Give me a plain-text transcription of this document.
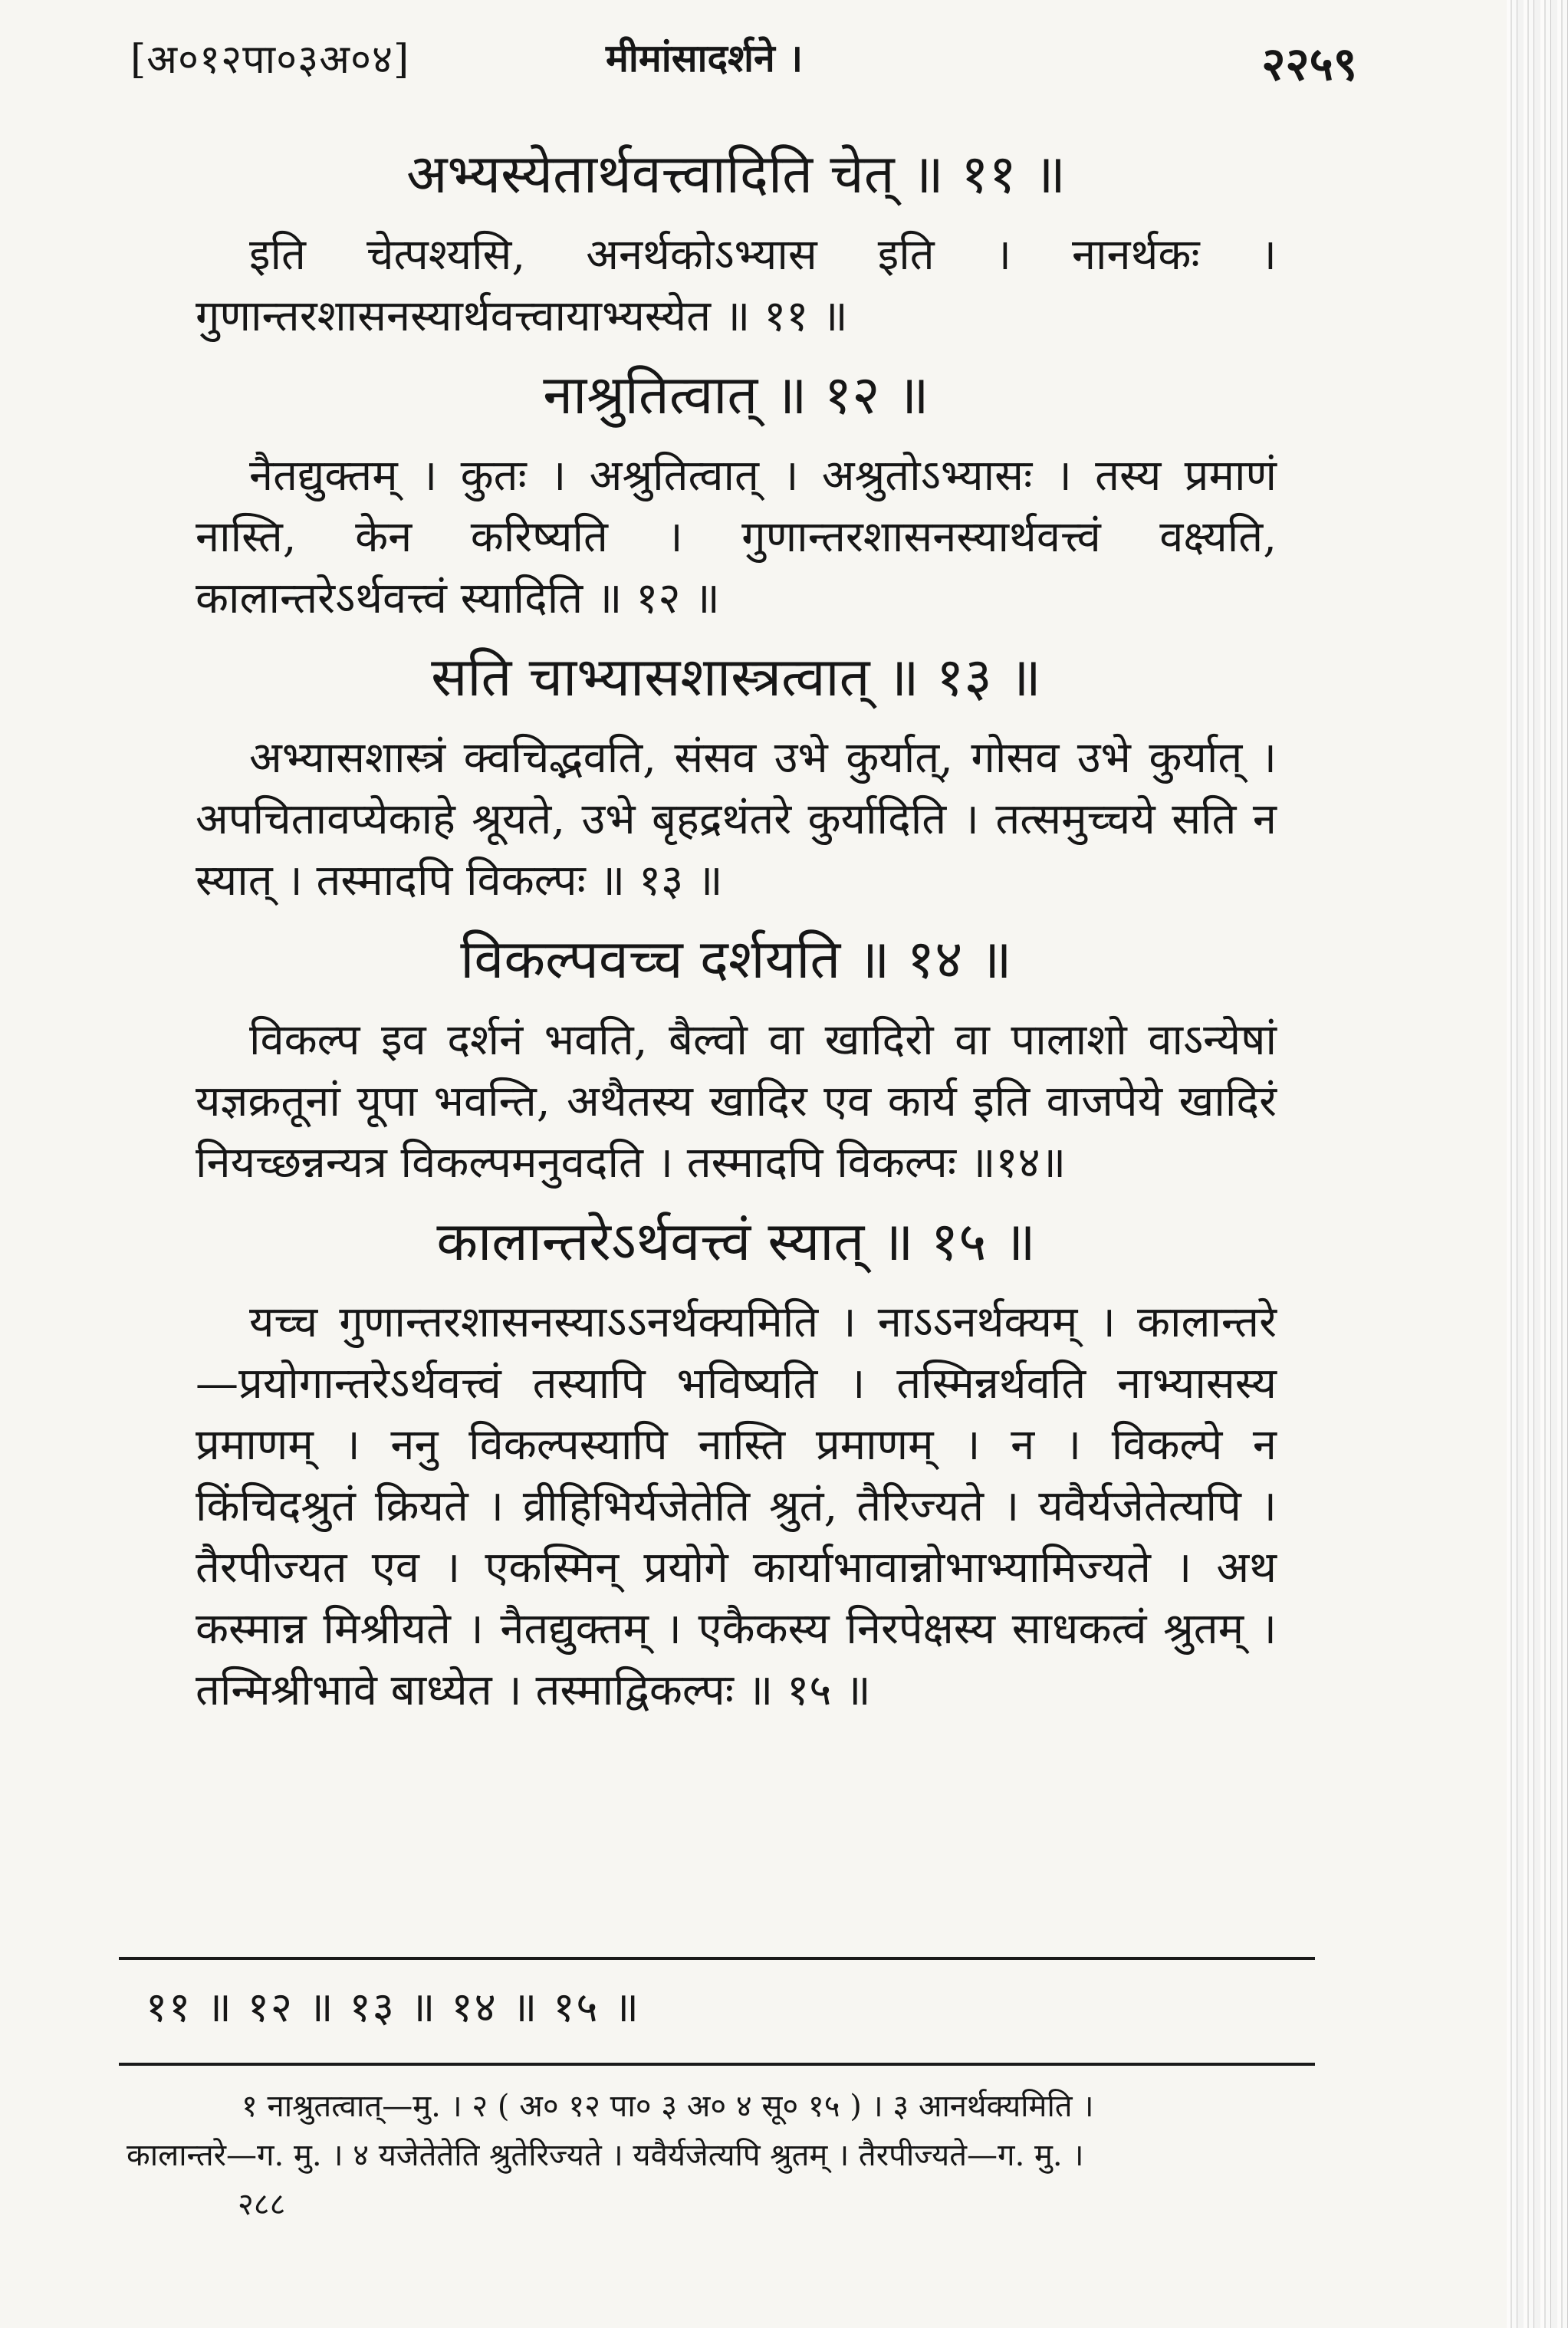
[अ०१२पा०३अ०४]	मीमांसादर्शने ।	२२५९
अभ्यस्येतार्थवत्त्वादिति चेत् ॥ ११ ॥

इति चेत्पश्यसि, अनर्थकोऽभ्यास इति । नानर्थकः । गुणान्तरशासनस्यार्थवत्त्वायाभ्यस्येत ॥ ११ ॥

नाश्रुतित्वात् ॥ १२ ॥

नैतद्युक्तम् । कुतः । अश्रुतित्वात् । अश्रुतोऽभ्यासः । तस्य प्रमाणं नास्ति, केन करिष्यति । गुणान्तरशासनस्यार्थवत्त्वं वक्ष्यति, कालान्तरेऽर्थवत्त्वं स्यादिति ॥ १२ ॥

सति चाभ्यासशास्त्रत्वात् ॥ १३ ॥

अभ्यासशास्त्रं क्वचिद्भवति, संसव उभे कुर्यात्, गोसव उभे कुर्यात् । अपचितावप्येकाहे श्रूयते, उभे बृहद्रथंतरे कुर्यादिति । तत्समुच्चये सति न स्यात् । तस्मादपि विकल्पः ॥ १३ ॥

विकल्पवच्च दर्शयति ॥ १४ ॥

विकल्प इव दर्शनं भवति, बैल्वो वा खादिरो वा पालाशो वाऽन्येषां यज्ञक्रतूनां यूपा भवन्ति, अथैतस्य खादिर एव कार्य इति वाजपेये खादिरं नियच्छन्नन्यत्र विकल्पमनुवदति । तस्मादपि विकल्पः ॥१४॥

कालान्तरेऽर्थवत्त्वं स्यात् ॥ १५ ॥

यच्च गुणान्तरशासनस्याऽऽनर्थक्यमिति । नाऽऽनर्थक्यम् । कालान्तरे—प्रयोगान्तरेऽर्थवत्त्वं तस्यापि भविष्यति । तस्मिन्नर्थवति नाभ्यासस्य प्रमाणम् । ननु विकल्पस्यापि नास्ति प्रमाणम् । न । विकल्पे न किंचिदश्रुतं क्रियते । व्रीहिभिर्यजेतेति श्रुतं, तैरिज्यते । यवैर्यजेतेत्यपि । तैरपीज्यत एव । एकस्मिन् प्रयोगे कार्याभावान्नोभाभ्यामिज्यते । अथ कस्मान्न मिश्रीयते । नैतद्युक्तम् । एकैकस्य निरपेक्षस्य साधकत्वं श्रुतम् । तन्मिश्रीभावे बाध्येत । तस्माद्विकल्पः ॥ १५ ॥

११ ॥ १२ ॥ १३ ॥ १४ ॥ १५ ॥
१ नाश्रुतत्वात्—मु. । २ ( अ० १२ पा० ३ अ० ४ सू० १५ ) । ३ आनर्थक्यमिति ।
कालान्तरे—ग. मु. । ४ यजेतेतेति श्रुतेरिज्यते । यवैर्यजेत्यपि श्रुतम् । तैरपीज्यते—ग. मु. ।
२८८
